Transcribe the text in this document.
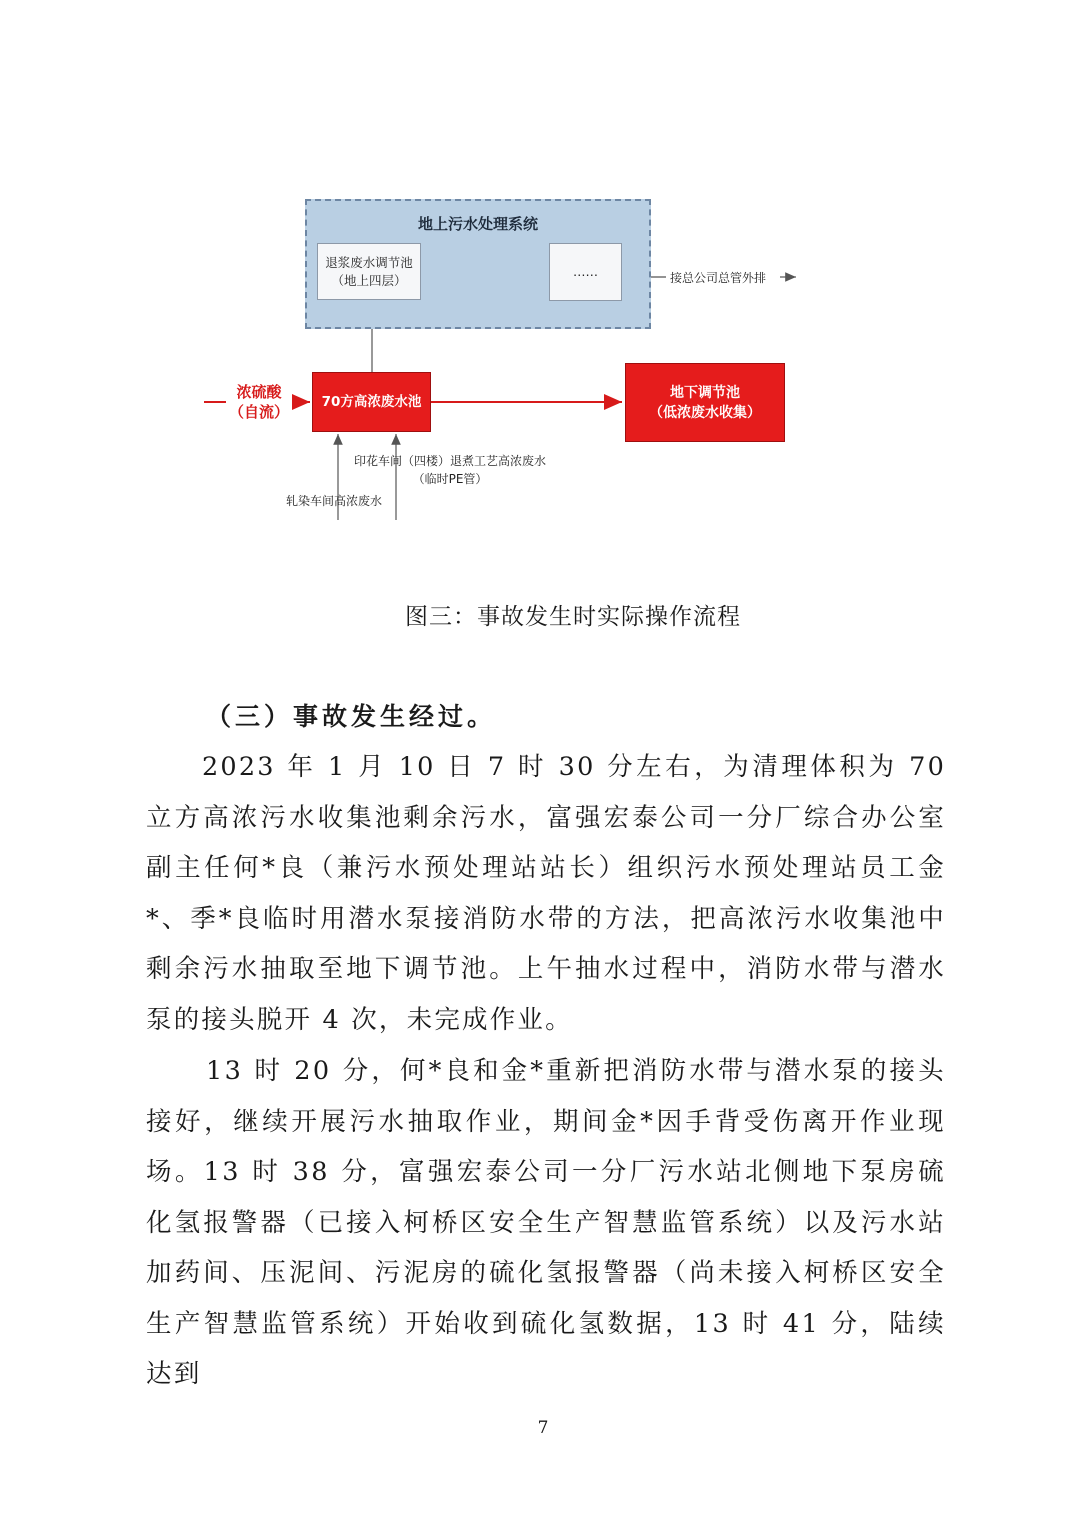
地上污水处理系统
退浆废水调节池
（地上四层）
……	接总公司总管外排
浓硫酸
（自流）
70方高浓废水池
地下调节池
（低浓废水收集）
印花车间（四楼）退煮工艺高浓废水
（临时PE管）
轧染车间高浓废水
图三：事故发生时实际操作流程
（三）事故发生经过。
2023 年 1 月 10 日 7 时 30 分左右，为清理体积为 70 立方高浓污水收集池剩余污水，富强宏泰公司一分厂综合办公室副主任何*良（兼污水预处理站站长）组织污水预处理站员工金*、季*良临时用潜水泵接消防水带的方法，把高浓污水收集池中剩余污水抽取至地下调节池。上午抽水过程中，消防水带与潜水泵的接头脱开 4 次，未完成作业。
13 时 20 分，何*良和金*重新把消防水带与潜水泵的接头接好，继续开展污水抽取作业，期间金*因手背受伤离开作业现场。13 时 38 分，富强宏泰公司一分厂污水站北侧地下泵房硫化氢报警器（已接入柯桥区安全生产智慧监管系统）以及污水站加药间、压泥间、污泥房的硫化氢报警器（尚未接入柯桥区安全生产智慧监管系统）开始收到硫化氢数据，13 时 41 分，陆续达到
7
